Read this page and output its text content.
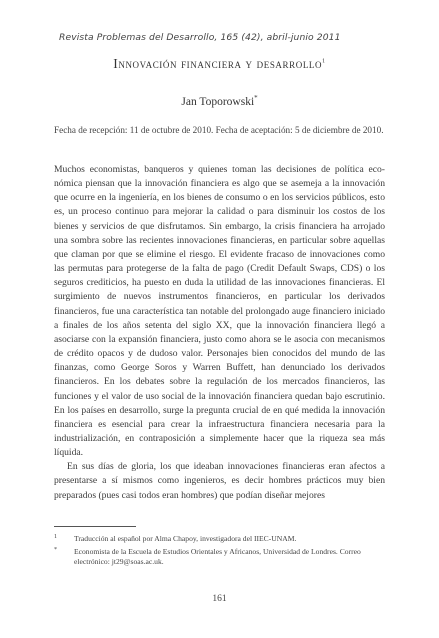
Revista Problemas del Desarrollo, 165 (42), abril-junio 2011
Innovación financiera y desarrollo$^1$
Jan Toporowski*
Fecha de recepción: 11 de octubre de 2010. Fecha de aceptación: 5 de diciembre de 2010.

Muchos economistas, banqueros y quienes toman las decisiones de política económica piensan que la innovación financiera es algo que se asemeja a la innovación que ocurre en la ingeniería, en los bienes de consumo o en los servicios públicos, esto es, un proceso continuo para mejorar la calidad o para disminuir los costos de los bienes y servicios de que disfrutamos. Sin embargo, la crisis financiera ha arrojado una sombra sobre las recientes innovaciones financieras, en particular sobre aquellas que claman por que se elimine el riesgo. El evidente fracaso de innovaciones como las permutas para protegerse de la falta de pago (Credit Default Swaps, CDS) o los seguros crediticios, ha puesto en duda la utilidad de las innovaciones financieras. El surgimiento de nuevos instrumentos financieros, en particular los derivados financieros, fue una característica tan notable del prolongado auge financiero iniciado a finales de los años setenta del siglo XX, que la innovación financiera llegó a asociarse con la expansión financiera, justo como ahora se le asocia con mecanismos de crédito opacos y de dudoso valor. Personajes bien conocidos del mundo de las finanzas, como George Soros y Warren Buffett, han denunciado los derivados financieros. En los debates sobre la regulación de los mercados financieros, las funciones y el valor de uso social de la innovación financiera quedan bajo escrutinio. En los países en desarrollo, surge la pregunta crucial de en qué medida la innovación financiera es esencial para crear la infraestructura financiera necesaria para la industrialización, en contraposición a simplemente hacer que la riqueza sea más líquida.

En sus días de gloria, los que ideaban innovaciones financieras eran afectos a presentarse a sí mismos como ingenieros, es decir hombres prácticos muy bien preparados (pues casi todos eran hombres) que podían diseñar mejores

1 Traducción al español por Alma Chapoy, investigadora del IIEC-UNAM.
* Economista de la Escuela de Estudios Orientales y Africanos, Universidad de Londres. Correo electrónico: jt29@soas.ac.uk.
161
